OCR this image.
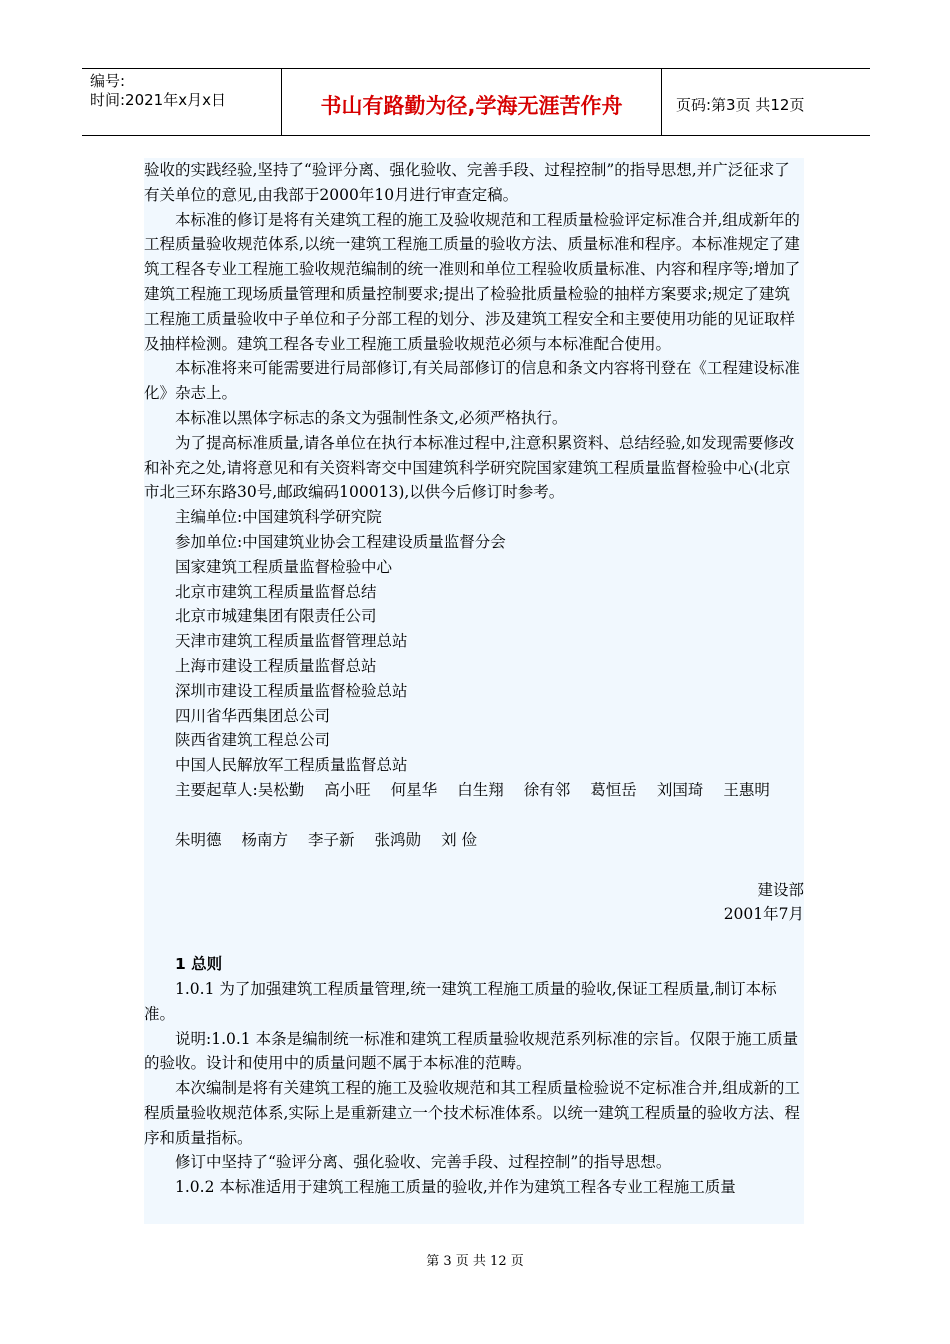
编号:
时间:2021年x月x日	书山有路勤为径,学海无涯苦作舟	页码:第3页 共12页

验收的实践经验,坚持了“验评分离、强化验收、完善手段、过程控制”的指导思想,并广泛征求了有关单位的意见,由我部于2000年10月进行审查定稿。

本标准的修订是将有关建筑工程的施工及验收规范和工程质量检验评定标准合并,组成新年的工程质量验收规范体系,以统一建筑工程施工质量的验收方法、质量标准和程序。本标准规定了建筑工程各专业工程施工验收规范编制的统一准则和单位工程验收质量标准、内容和程序等;增加了建筑工程施工现场质量管理和质量控制要求;提出了检验批质量检验的抽样方案要求;规定了建筑工程施工质量验收中子单位和子分部工程的划分、涉及建筑工程安全和主要使用功能的见证取样及抽样检测。建筑工程各专业工程施工质量验收规范必须与本标准配合使用。

本标准将来可能需要进行局部修订,有关局部修订的信息和条文内容将刊登在《工程建设标准化》杂志上。

本标准以黑体字标志的条文为强制性条文,必须严格执行。

为了提高标准质量,请各单位在执行本标准过程中,注意积累资料、总结经验,如发现需要修改和补充之处,请将意见和有关资料寄交中国建筑科学研究院国家建筑工程质量监督检验中心(北京市北三环东路30号,邮政编码100013),以供今后修订时参考。

主编单位:中国建筑科学研究院

参加单位:中国建筑业协会工程建设质量监督分会

国家建筑工程质量监督检验中心

北京市建筑工程质量监督总结

北京市城建集团有限责任公司

天津市建筑工程质量监督管理总站

上海市建设工程质量监督总站

深圳市建设工程质量监督检验总站

四川省华西集团总公司

陕西省建筑工程总公司

中国人民解放军工程质量监督总站

主要起草人:吴松勤 高小旺 何星华 白生翔 徐有邻 葛恒岳 刘国琦 王惠明
朱明德 杨南方 李子新 张鸿勋 刘 俭

建设部

2001年7月

1 总则

1.0.1 为了加强建筑工程质量管理,统一建筑工程施工质量的验收,保证工程质量,制订本标准。

说明:1.0.1 本条是编制统一标准和建筑工程质量验收规范系列标准的宗旨。仅限于施工质量的验收。设计和使用中的质量问题不属于本标准的范畴。

本次编制是将有关建筑工程的施工及验收规范和其工程质量检验说不定标准合并,组成新的工程质量验收规范体系,实际上是重新建立一个技术标准体系。以统一建筑工程质量的验收方法、程序和质量指标。

修订中坚持了“验评分离、强化验收、完善手段、过程控制”的指导思想。

1.0.2 本标准适用于建筑工程施工质量的验收,并作为建筑工程各专业工程施工质量

第 3 页 共 12 页
